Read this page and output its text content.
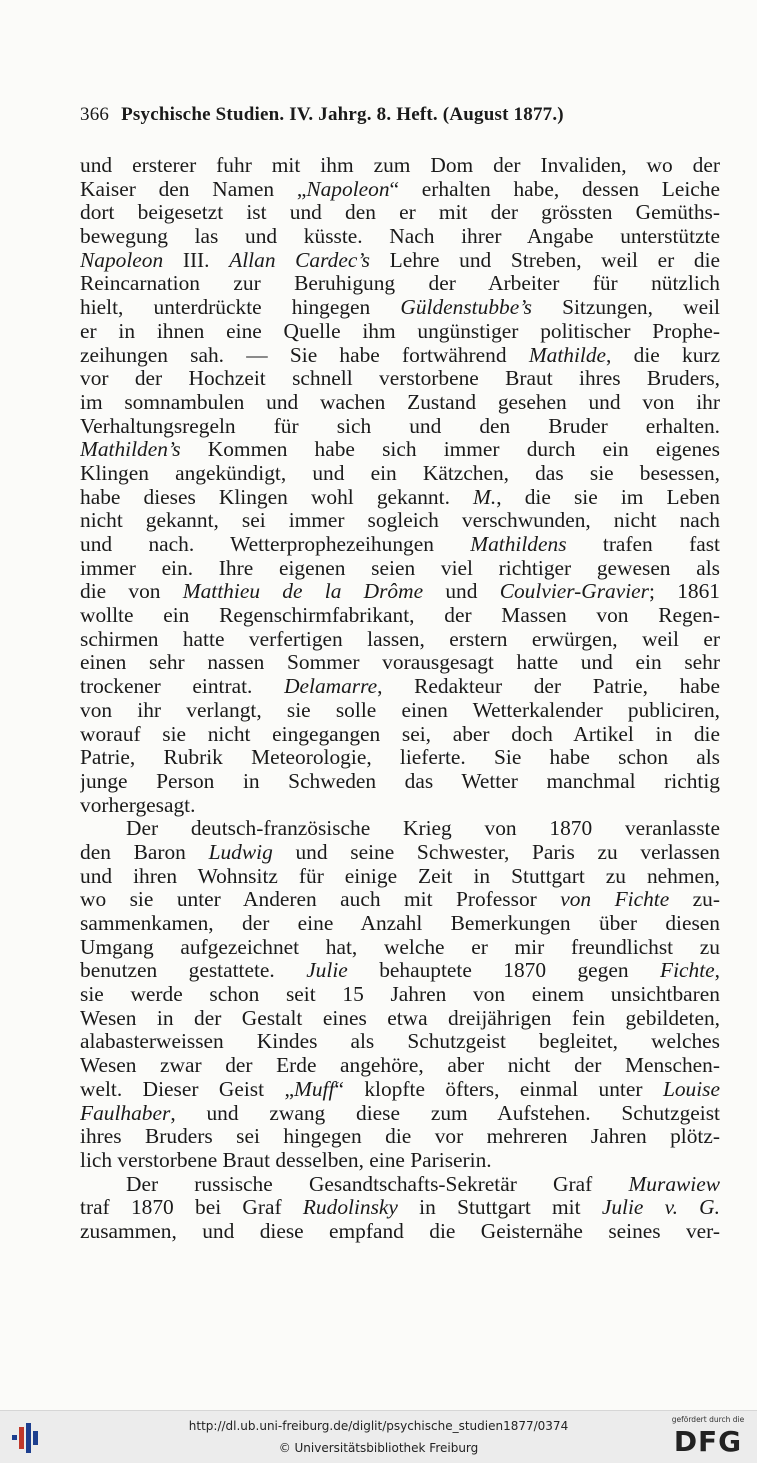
366 Psychische Studien. IV. Jahrg. 8. Heft. (August 1877.)
und ersterer fuhr mit ihm zum Dom der Invaliden, wo der
Kaiser den Namen „Napoleon“ erhalten habe, dessen Leiche
dort beigesetzt ist und den er mit der grössten Gemüths-
bewegung las und küsste. Nach ihrer Angabe unterstützte
Napoleon III. Allan Cardec’s Lehre und Streben, weil er die
Reincarnation zur Beruhigung der Arbeiter für nützlich
hielt, unterdrückte hingegen Güldenstubbe’s Sitzungen, weil
er in ihnen eine Quelle ihm ungünstiger politischer Prophe-
zeihungen sah. — Sie habe fortwährend Mathilde, die kurz
vor der Hochzeit schnell verstorbene Braut ihres Bruders,
im somnambulen und wachen Zustand gesehen und von ihr
Verhaltungsregeln für sich und den Bruder erhalten.
Mathilden’s Kommen habe sich immer durch ein eigenes
Klingen angekündigt, und ein Kätzchen, das sie besessen,
habe dieses Klingen wohl gekannt. M., die sie im Leben
nicht gekannt, sei immer sogleich verschwunden, nicht nach
und nach. Wetterprophezeihungen Mathildens trafen fast
immer ein. Ihre eigenen seien viel richtiger gewesen als
die von Matthieu de la Drôme und Coulvier-Gravier; 1861
wollte ein Regenschirmfabrikant, der Massen von Regen-
schirmen hatte verfertigen lassen, erstern erwürgen, weil er
einen sehr nassen Sommer vorausgesagt hatte und ein sehr
trockener eintrat. Delamarre, Redakteur der Patrie, habe
von ihr verlangt, sie solle einen Wetterkalender publiciren,
worauf sie nicht eingegangen sei, aber doch Artikel in die
Patrie, Rubrik Meteorologie, lieferte. Sie habe schon als
junge Person in Schweden das Wetter manchmal richtig
vorhergesagt.
Der deutsch-französische Krieg von 1870 veranlasste
den Baron Ludwig und seine Schwester, Paris zu verlassen
und ihren Wohnsitz für einige Zeit in Stuttgart zu nehmen,
wo sie unter Anderen auch mit Professor von Fichte zu-
sammenkamen, der eine Anzahl Bemerkungen über diesen
Umgang aufgezeichnet hat, welche er mir freundlichst zu
benutzen gestattete. Julie behauptete 1870 gegen Fichte,
sie werde schon seit 15 Jahren von einem unsichtbaren
Wesen in der Gestalt eines etwa dreijährigen fein gebildeten,
alabasterweissen Kindes als Schutzgeist begleitet, welches
Wesen zwar der Erde angehöre, aber nicht der Menschen-
welt. Dieser Geist „Muff“ klopfte öfters, einmal unter Louise
Faulhaber, und zwang diese zum Aufstehen. Schutzgeist
ihres Bruders sei hingegen die vor mehreren Jahren plötz-
lich verstorbene Braut desselben, eine Pariserin.
Der russische Gesandtschafts-Sekretär Graf Murawiew
traf 1870 bei Graf Rudolinsky in Stuttgart mit Julie v. G.
zusammen, und diese empfand die Geisternähe seines ver-
http://dl.ub.uni-freiburg.de/diglit/psychische_studien1877/0374
© Universitätsbibliothek Freiburg
gefördert durch die
DFG
